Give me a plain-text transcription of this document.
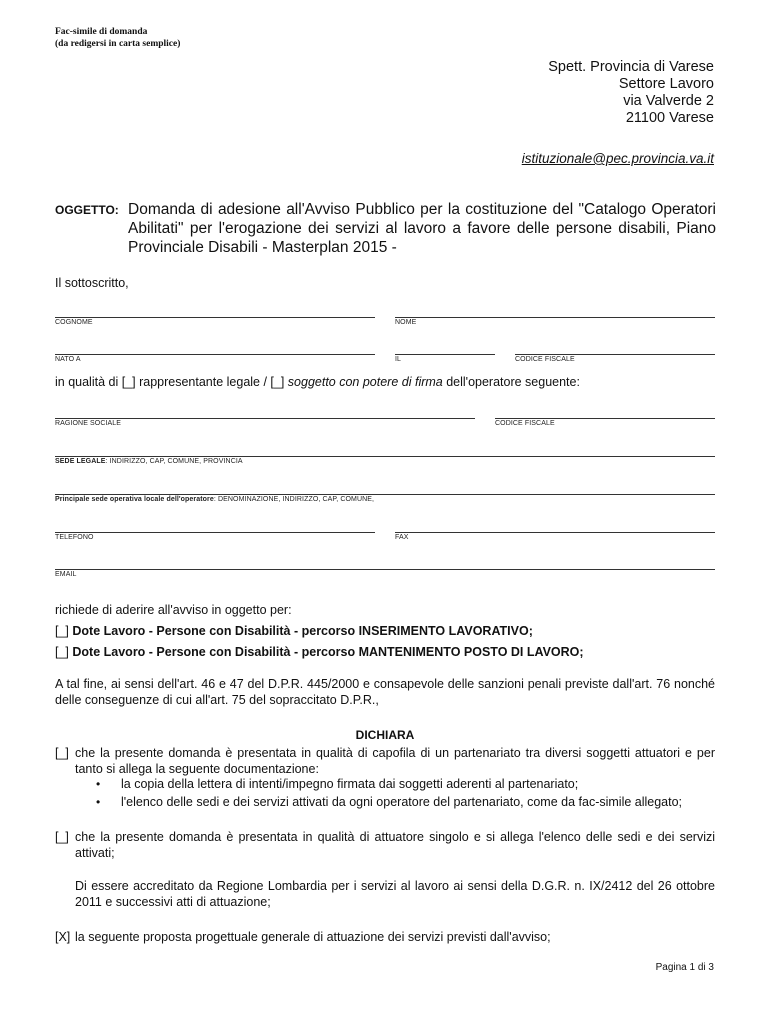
Fac-simile di domanda
(da redigersi in carta semplice)
Spett. Provincia di Varese
Settore Lavoro
via Valverde 2
21100 Varese
istituzionale@pec.provincia.va.it
OGGETTO: Domanda di adesione all'Avviso Pubblico per la costituzione del "Catalogo Operatori Abilitati" per l'erogazione dei servizi al lavoro a favore delle persone disabili, Piano Provinciale Disabili - Masterplan 2015 -
Il sottoscritto,
COGNOME	NOME
NATO A	IL	CODICE FISCALE
in qualità di [_] rappresentante legale / [_] soggetto con potere di firma dell'operatore seguente:
RAGIONE SOCIALE	CODICE FISCALE
SEDE LEGALE: INDIRIZZO, CAP, COMUNE, PROVINCIA
Principale sede operativa locale dell'operatore: DENOMINAZIONE, INDIRIZZO, CAP, COMUNE,
TELEFONO	FAX
EMAIL
richiede di aderire all'avviso in oggetto per:
[_] Dote Lavoro - Persone con Disabilità - percorso INSERIMENTO LAVORATIVO;
[_] Dote Lavoro - Persone con Disabilità - percorso MANTENIMENTO POSTO DI LAVORO;
A tal fine, ai sensi dell'art. 46 e 47 del D.P.R. 445/2000 e consapevole delle sanzioni penali previste dall'art. 76 nonché delle conseguenze di cui all'art. 75 del sopraccitato D.P.R.,
DICHIARA
[_] che la presente domanda è presentata in qualità di capofila di un partenariato tra diversi soggetti attuatori e per tanto si allega la seguente documentazione:
• la copia della lettera di intenti/impegno firmata dai soggetti aderenti al partenariato;
• l'elenco delle sedi e dei servizi attivati da ogni operatore del partenariato, come da fac-simile allegato;
[_] che la presente domanda è presentata in qualità di attuatore singolo e si allega l'elenco delle sedi e dei servizi attivati;
Di essere accreditato da Regione Lombardia per i servizi al lavoro ai sensi della D.G.R. n. IX/2412 del 26 ottobre 2011 e successivi atti di attuazione;
[X] la seguente proposta progettuale generale di attuazione dei servizi previsti dall'avviso;
Pagina 1 di 3
